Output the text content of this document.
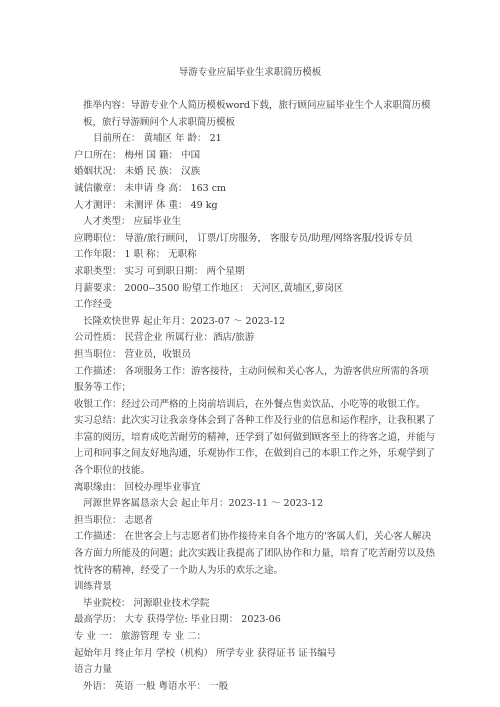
导游专业应届毕业生求职简历模板
推举内容：导游专业个人简历模板word下载，旅行顾问应届毕业生个人求职简历模板，旅行导游顾问个人求职简历模板
目前所在： 黄埔区 年 龄： 21
户口所在： 梅州 国 籍： 中国
婚姻状况： 未婚 民 族： 汉族
诚信徽章： 未申请 身 高： 163 cm
人才测评： 未测评 体 重： 49 kg
人才类型： 应届毕业生
应聘职位： 导游/旅行顾问， 订票/订房服务， 客服专员/助理/网络客服/投诉专员
工作年限： 1 职 称： 无职称
求职类型： 实习 可到职日期： 两个星期
月薪要求： 2000--3500 盼望工作地区： 天河区,黄埔区,萝岗区
工作经受
长隆欢快世界 起止年月：2023-07 ～ 2023-12
公司性质： 民营企业 所属行业：酒店/旅游
担当职位： 营业员，收银员
工作描述： 各项服务工作：游客接待，主动问候和关心客人，为游客供应所需的各项服务等工作；
收银工作：经过公司严格的上岗前培训后，在外餐点售卖饮品、小吃等的收银工作。
实习总结：此次实习让我亲身体会到了各种工作及行业的信息和运作程序，让我积累了丰富的阅历，培育成吃苦耐劳的精神，还学到了如何做到顾客至上的待客之道，并能与上司和同事之间友好地沟通，乐观协作工作，在做到自己的本职工作之外，乐观学到了各个职位的技能。
离职缘由： 回校办理毕业事宜
河源世界客属恳亲大会 起止年月：2023-11 ～ 2023-12
担当职位： 志愿者
工作描述： 在世客会上与志愿者们协作接待来自各个地方的'客属人们，关心客人解决各方面力所能及的问题；此次实践让我提高了团队协作和力量，培育了吃苦耐劳以及热忱待客的精神，经受了一个助人为乐的欢乐之途。
训练背景
毕业院校： 河源职业技术学院
最高学历： 大专 获得学位: 毕业日期： 2023-06
专 业 一： 旅游管理 专 业 二：
起始年月 终止年月 学校（机构） 所学专业 获得证书 证书编号
语言力量
外语： 英语 一般 粤语水平： 一般
